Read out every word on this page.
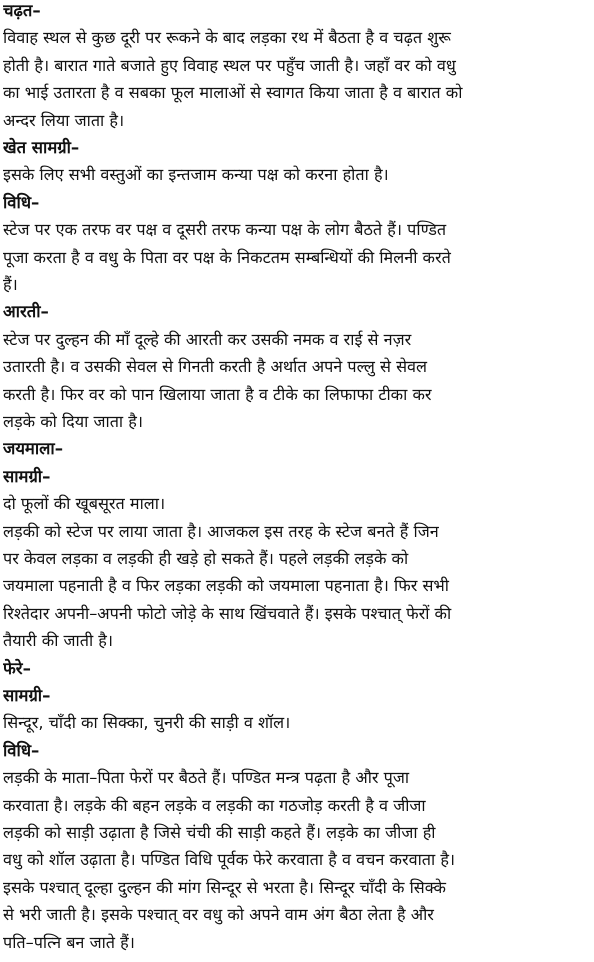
चढ़त–
विवाह स्थल से कुछ दूरी पर रूकने के बाद लड़का रथ में बैठता है व चढ़त शुरू
होती है। बारात गाते बजाते हुए विवाह स्थल पर पहुँच जाती है। जहाँ वर को वधु
का भाई उतारता है व सबका फूल मालाओं से स्वागत किया जाता है व बारात को
अन्दर लिया जाता है।
खेत सामग्री–
इसके लिए सभी वस्तुओं का इन्तजाम कन्या पक्ष को करना होता है।
विधि–
स्टेज पर एक तरफ वर पक्ष व दूसरी तरफ कन्या पक्ष के लोग बैठते हैं। पण्डित
पूजा करता है व वधु के पिता वर पक्ष के निकटतम सम्बन्धियों की मिलनी करते
हैं।
आरती–
स्टेज पर दुल्हन की माँ दूल्हे की आरती कर उसकी नमक व राई से नज़र
उतारती है। व उसकी सेवल से गिनती करती है अर्थात अपने पल्लु से सेवल
करती है। फिर वर को पान खिलाया जाता है व टीके का लिफाफा टीका कर
लड़के को दिया जाता है।
जयमाला–
सामग्री–
दो फूलों की खूबसूरत माला।
लड़की को स्टेज पर लाया जाता है। आजकल इस तरह के स्टेज बनते हैं जिन
पर केवल लड़का व लड़की ही खड़े हो सकते हैं। पहले लड़की लड़के को
जयमाला पहनाती है व फिर लड़का लड़की को जयमाला पहनाता है। फिर सभी
रिश्तेदार अपनी–अपनी फोटो जोड़े के साथ खिंचवाते हैं। इसके पश्चात् फेरों की
तैयारी की जाती है।
फेरे–
सामग्री–
सिन्दूर, चाँदी का सिक्का, चुनरी की साड़ी व शॉल।
विधि–
लड़की के माता–पिता फेरों पर बैठते हैं। पण्डित मन्त्र पढ़ता है और पूजा
करवाता है। लड़के की बहन लड़के व लड़की का गठजोड़ करती है व जीजा
लड़की को साड़ी उढ़ाता है जिसे चंची की साड़ी कहते हैं। लड़के का जीजा ही
वधु को शॉल उढ़ाता है। पण्डित विधि पूर्वक फेरे करवाता है व वचन करवाता है।
इसके पश्चात् दूल्हा दुल्हन की मांग सिन्दूर से भरता है। सिन्दूर चाँदी के सिक्के
से भरी जाती है। इसके पश्चात् वर वधु को अपने वाम अंग बैठा लेता है और
पति–पत्नि बन जाते हैं।
